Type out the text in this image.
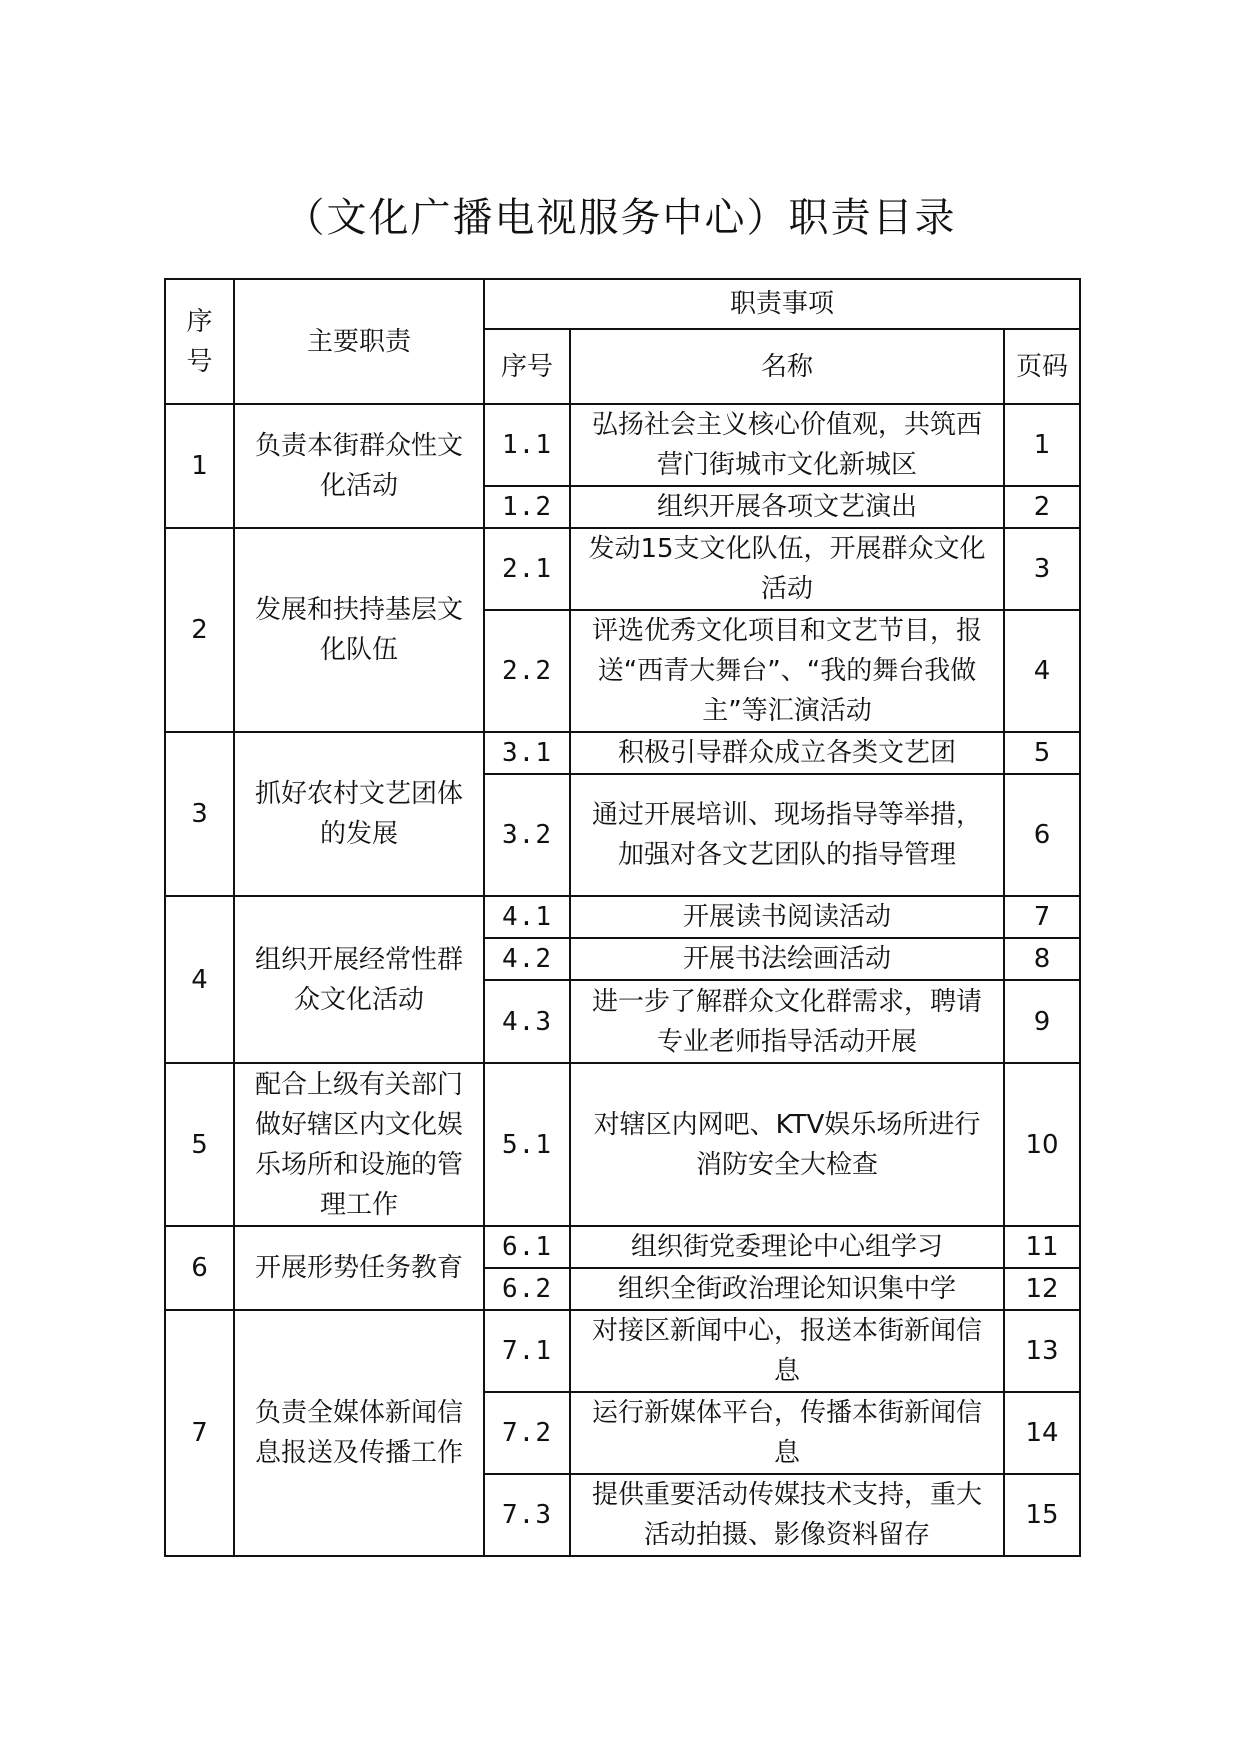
（文化广播电视服务中心）职责目录
序
号	主要职责	职责事项		
		序号	名称	页码
1	负责本街群众性文化活动	1.1	弘扬社会主义核心价值观，共筑西营门街城市文化新城区	1
		1.2	组织开展各项文艺演出	2
2	发展和扶持基层文化队伍	2.1	发动15支文化队伍，开展群众文化活动	3
		2.2	评选优秀文化项目和文艺节目，报送“西青大舞台”、“我的舞台我做主”等汇演活动	4
3	抓好农村文艺团体的发展	3.1	积极引导群众成立各类文艺团	5
		3.2	通过开展培训、现场指导等举措，加强对各文艺团队的指导管理	6
4	组织开展经常性群众文化活动	4.1	开展读书阅读活动	7
		4.2	开展书法绘画活动	8
		4.3	进一步了解群众文化群需求，聘请专业老师指导活动开展	9
5	配合上级有关部门做好辖区内文化娱乐场所和设施的管理工作	5.1	对辖区内网吧、KTV娱乐场所进行消防安全大检查	10
6	开展形势任务教育	6.1	组织街党委理论中心组学习	11
		6.2	组织全街政治理论知识集中学	12
7	负责全媒体新闻信息报送及传播工作	7.1	对接区新闻中心，报送本街新闻信息	13
		7.2	运行新媒体平台，传播本街新闻信息	14
		7.3	提供重要活动传媒技术支持，重大活动拍摄、影像资料留存	15
